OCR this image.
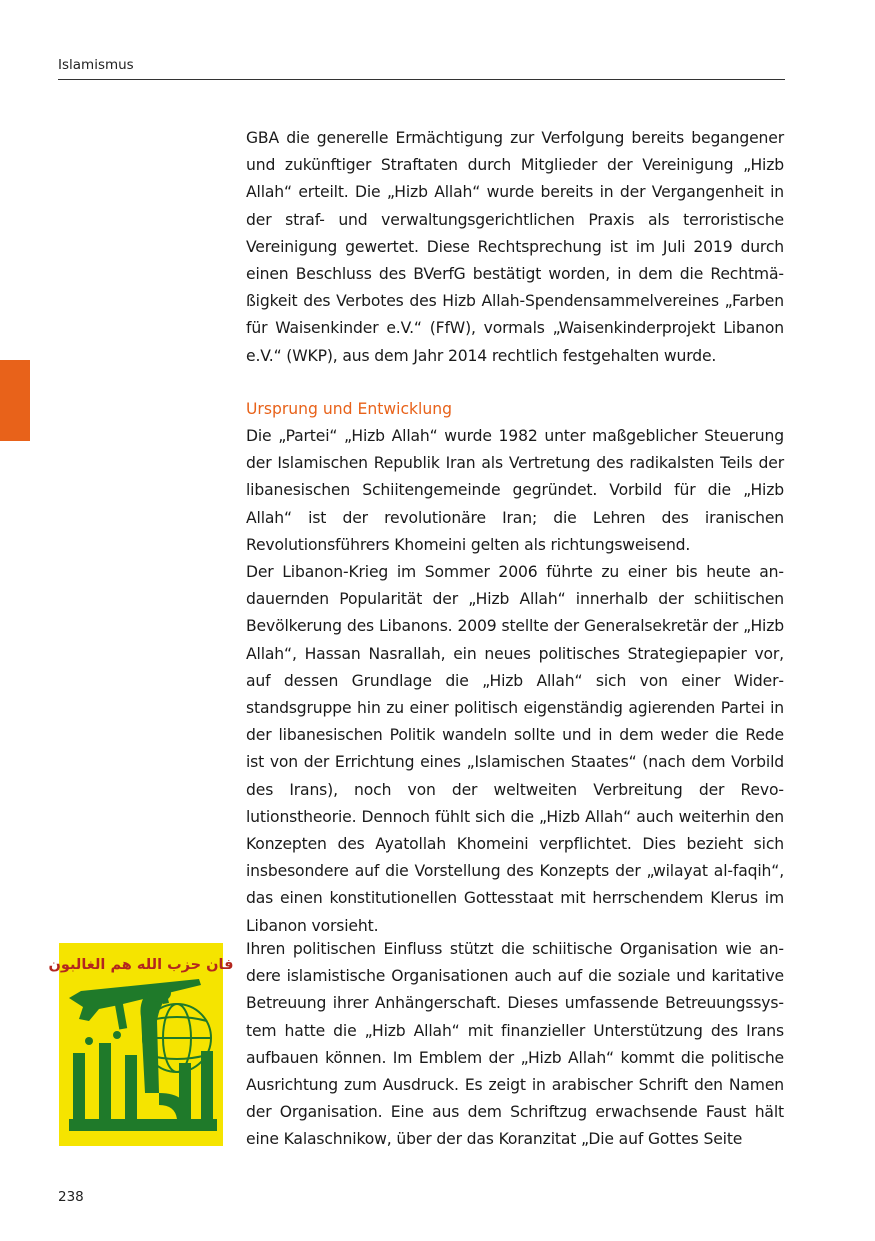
Islamismus

GBA die generelle Ermächtigung zur Verfolgung bereits begangener und zukünftiger Straftaten durch Mitglieder der Vereinigung „Hizb Allah“ erteilt. Die „Hizb Allah“ wurde bereits in der Vergangenheit in der straf- und verwaltungsgerichtlichen Praxis als terroristische Vereinigung gewertet. Diese Rechtsprechung ist im Juli 2019 durch einen Beschluss des BVerfG bestätigt worden, in dem die Rechtmäßigkeit des Verbotes des Hizb Allah-Spendensammelvereines „Farben für Waisenkinder e.V.“ (FfW), vormals „Waisenkinderprojekt Libanon e.V.“ (WKP), aus dem Jahr 2014 rechtlich festgehalten wurde.

Ursprung und Entwicklung

Die „Partei“ „Hizb Allah“ wurde 1982 unter maßgeblicher Steuerung der Islamischen Republik Iran als Vertretung des radikalsten Teils der libanesischen Schiitengemeinde gegründet. Vorbild für die „Hizb Allah“ ist der revolutionäre Iran; die Lehren des iranischen Revolutionsführers Khomeini gelten als richtungsweisend.

Der Libanon-Krieg im Sommer 2006 führte zu einer bis heute andauernden Popularität der „Hizb Allah“ innerhalb der schiitischen Bevölkerung des Libanons. 2009 stellte der Generalsekretär der „Hizb Allah“, Hassan Nasrallah, ein neues politisches Strategiepapier vor, auf dessen Grundlage die „Hizb Allah“ sich von einer Widerstandsgruppe hin zu einer politisch eigenständig agierenden Partei in der libanesischen Politik wandeln sollte und in dem weder die Rede ist von der Errichtung eines „Islamischen Staates“ (nach dem Vorbild des Irans), noch von der weltweiten Verbreitung der Revolutionstheorie. Dennoch fühlt sich die „Hizb Allah“ auch weiterhin den Konzepten des Ayatollah Khomeini verpflichtet. Dies bezieht sich insbesondere auf die Vorstellung des Konzepts der „wilayat al-faqih“, das einen konstitutionellen Gottesstaat mit herrschendem Klerus im Libanon vorsieht.

فان حزب الله هم الغالبون

Ihren politischen Einfluss stützt die schiitische Organisation wie andere islamistische Organisationen auch auf die soziale und karitative Betreuung ihrer Anhängerschaft. Dieses umfassende Betreuungssystem hatte die „Hizb Allah“ mit finanzieller Unterstützung des Irans aufbauen können. Im Emblem der „Hizb Allah“ kommt die politische Ausrichtung zum Ausdruck. Es zeigt in arabischer Schrift den Namen der Organisation. Eine aus dem Schriftzug erwachsende Faust hält eine Kalaschnikow, über der das Koranzitat „Die auf Gottes Seite

238
